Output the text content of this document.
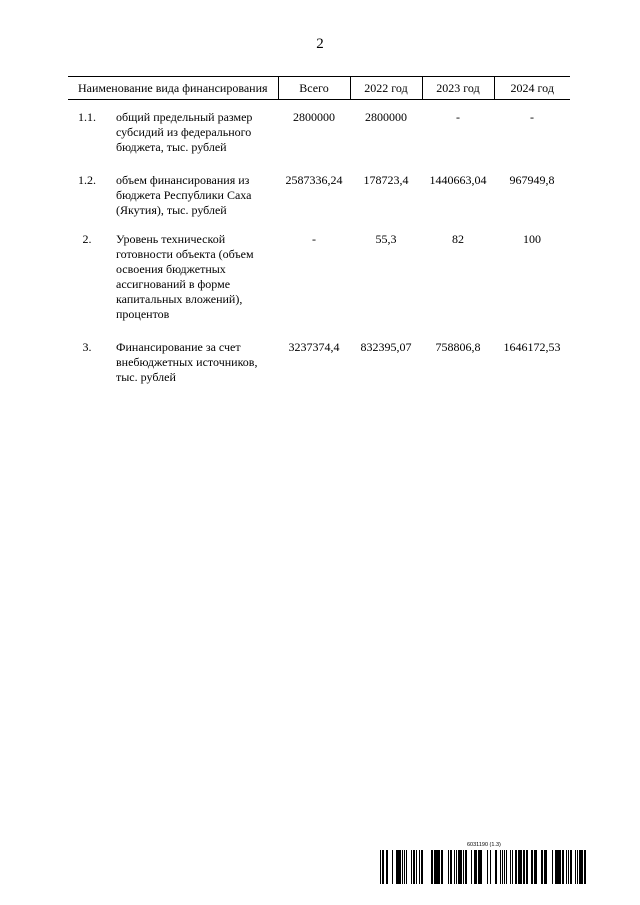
2
Наименование вида финансирования		Всего	2022 год	2023 год	2024 год

1.1.	общий предельный размер субсидий из федерального бюджета, тыс. рублей	2800000	2800000	-	-

1.2.	объем финансирования из бюджета Республики Саха (Якутия), тыс. рублей	2587336,24	178723,4	1440663,04	967949,8

2.	Уровень технической готовности объекта (объем освоения бюджетных ассигнований в форме капитальных вложений), процентов	-	55,3	82	100

3.	Финансирование за счет внебюджетных источников, тыс. рублей	3237374,4	832395,07	758806,8	1646172,53
6031190 (1.3)
